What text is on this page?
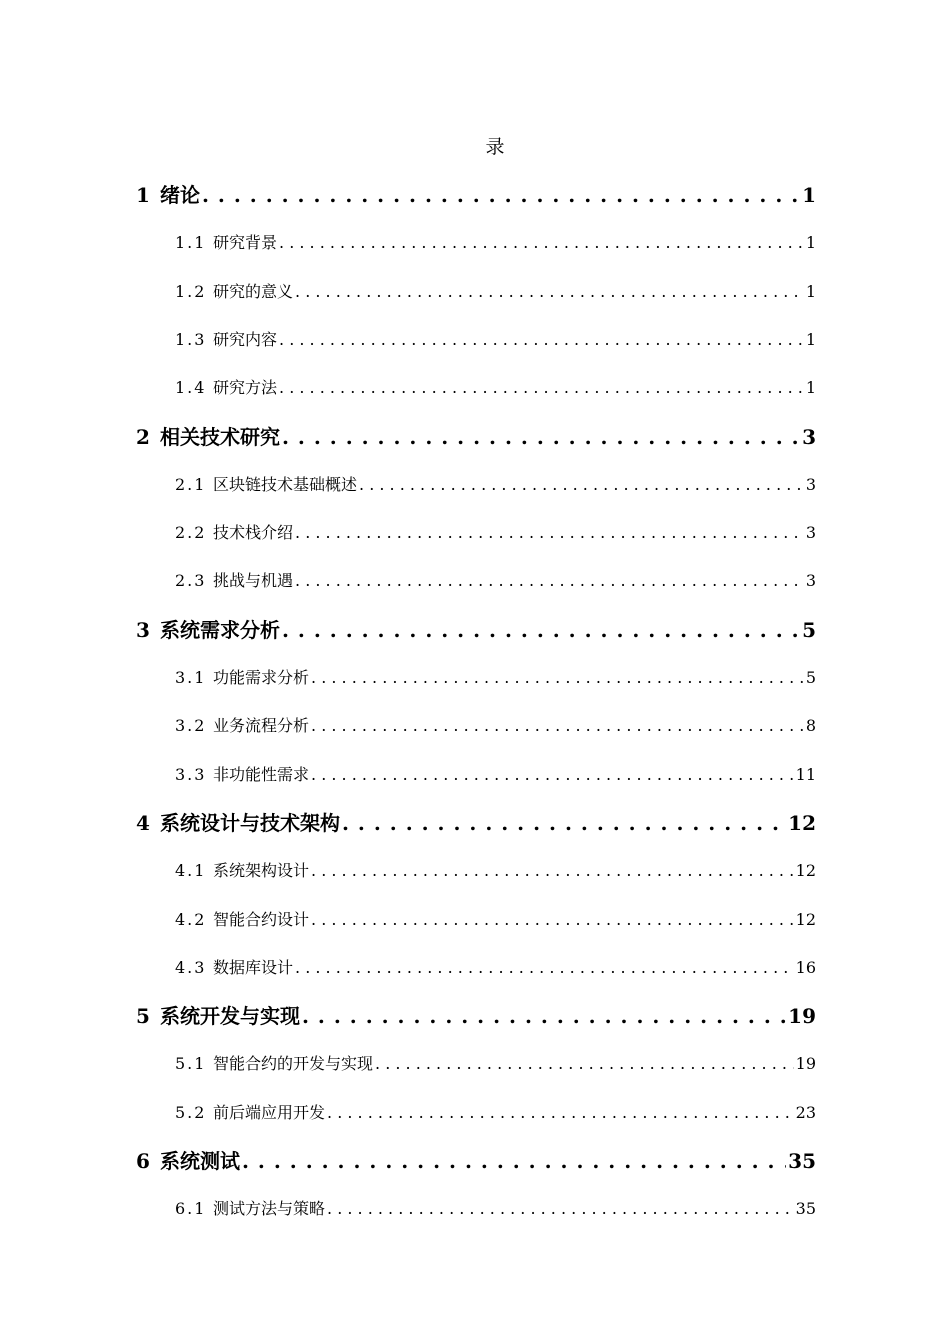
录
1 绪论 . . .	1
1.1 研究背景 . . .	1
1.2 研究的意义 . . .	1
1.3 研究内容 . . .	1
1.4 研究方法 . . .	1
2 相关技术研究 . . .	3
2.1 区块链技术基础概述 . . .	3
2.2 技术栈介绍 . . .	3
2.3 挑战与机遇 . . .	3
3 系统需求分析 . . .	5
3.1 功能需求分析 . . .	5
3.2 业务流程分析 . . .	8
3.3 非功能性需求 . . .	11
4 系统设计与技术架构 . . .	12
4.1 系统架构设计 . . .	12
4.2 智能合约设计 . . .	12
4.3 数据库设计 . . .	16
5 系统开发与实现 . . .	19
5.1 智能合约的开发与实现 . . .	19
5.2 前后端应用开发 . . .	23
6 系统测试 . . .	35
6.1 测试方法与策略 . . .	35
